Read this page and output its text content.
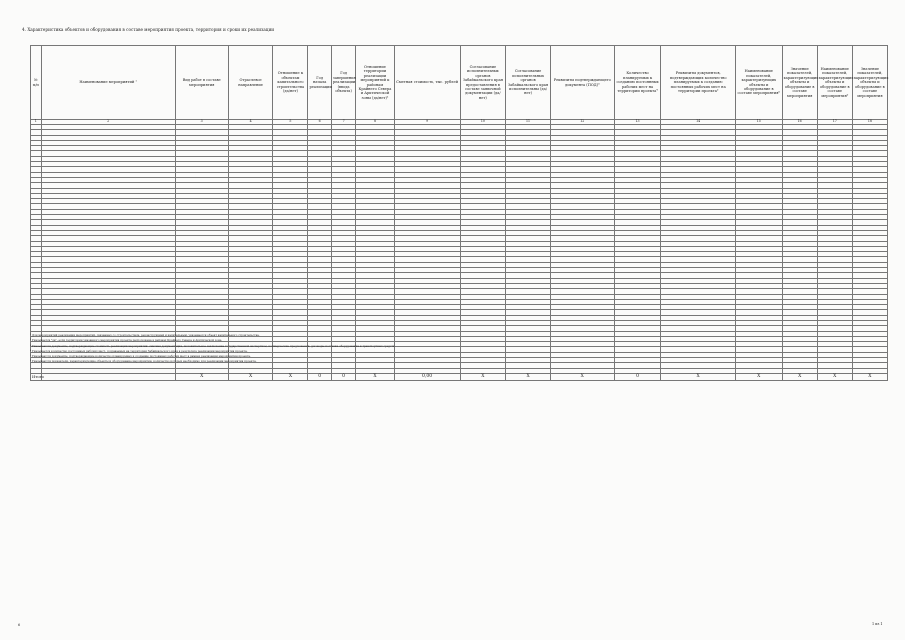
4. Характеристика объектов и оборудования в составе мероприятия проекта, территория и сроки их реализации
№ п/п	Наименование мероприятий ¹	Вид работ в составе мероприятия	Отраслевое направление	Отношение к объектам капитального строительства (да/нет)	Год начала реализации	Год завершения реализации (ввода объекта)	Отношение территории реализации мероприятий к районам Крайнего Севера и Арктической зоны (да/нет)²	Сметная стоимость, тыс. рублей	Согласование исполнительных органов Забайкальского края предоставления в составе заявочной документации (да/нет)	Согласование исполнительных органов Забайкальского края исполнительны (да/нет)	Реквизиты подтверждающего документа (ПОД)³	Количество планируемых к созданию постоянных рабочих мест на территории проекта⁴	Реквизиты документов, подтверждающих количество планируемых к созданию постоянных рабочих мест на территории проекта⁵	Наименование показателей, характеризующих объекты и оборудование в составе мероприятия⁶	Значение показателей, характеризующих объекты и оборудование в составе мероприятия	Наименование показателей, характеризующих объекты и оборудование в составе мероприятия⁶	Значение показателей, характеризующих объекты и оборудование в составе мероприятия
1	2	3	4	5	6	7	8	9	10	11	12	13	14	15	16	17	18

Итого		X	X	X	0	0	X	0,00	X	X	X	0	X	X	X	X	X
¹ Для мероприятий реализации мероприятий, связанных со строительством, реконструкцией и капитальным, указывается объект капитального строительства.
² Указывается "да", если территория указанного мероприятия проекта расположена в районах Крайнего Севера и Арктической зоне.
³ Указываются документы, подтверждающие стоимость реализации мероприятия: сметная документация, положительное заключение государственной экспертизы, коммерческие предложения, договоры поставки оборудования и транспортных средств.
⁴ Указывается количество постоянных рабочих мест, создаваемых на территории Забайкальского края в результате реализации мероприятия проекта.
⁵ Указываются документы, подтверждающие количество планируемых к созданию постоянных рабочих мест в рамках реализации мероприятия проекта.
⁶ Указываются показатели, характеризующие объекты и оборудование мероприятия, количество которых необходимо для реализации мероприятия проекта.
6	1 из 1
